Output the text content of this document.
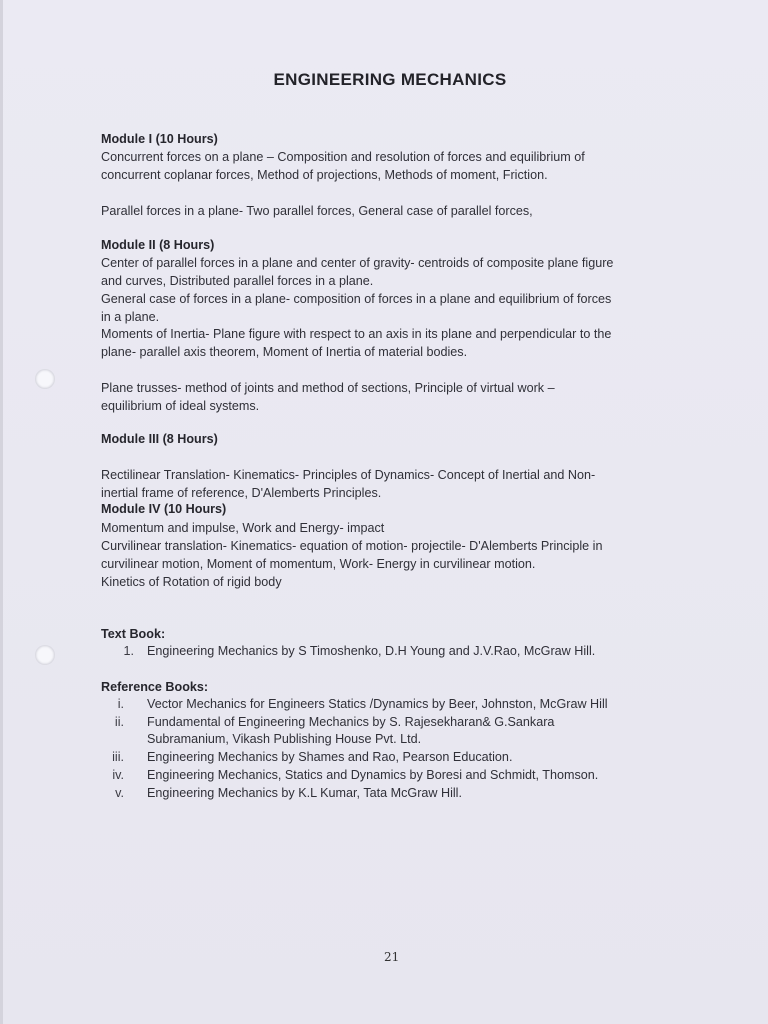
ENGINEERING MECHANICS
Module I (10 Hours)
Concurrent forces on a plane – Composition and resolution of forces and equilibrium of
concurrent coplanar forces, Method of projections, Methods of moment, Friction.
Parallel forces in a plane- Two parallel forces, General case of parallel forces,
Module II (8 Hours)
Center of parallel forces in a plane and center of gravity- centroids of composite plane figure
and curves, Distributed parallel forces in a plane.
General case of forces in a plane- composition of forces in a plane and equilibrium of forces
in a plane.
Moments of Inertia- Plane figure with respect to an axis in its plane and perpendicular to the
plane- parallel axis theorem, Moment of Inertia of material bodies.
Plane trusses- method of joints and method of sections, Principle of virtual work –
equilibrium of ideal systems.
Module III (8 Hours)
Rectilinear Translation- Kinematics- Principles of Dynamics- Concept of Inertial and Non-
inertial frame of reference, D'Alemberts Principles.
Module IV (10 Hours)
Momentum and impulse, Work and Energy- impact
Curvilinear translation- Kinematics- equation of motion- projectile- D'Alemberts Principle in
curvilinear motion, Moment of momentum, Work- Energy in curvilinear motion.
Kinetics of Rotation of rigid body
Text Book:
1. Engineering Mechanics by S Timoshenko, D.H Young and J.V.Rao, McGraw Hill.
Reference Books:
i. Vector Mechanics for Engineers Statics /Dynamics by Beer, Johnston, McGraw Hill
ii. Fundamental of Engineering Mechanics by S. Rajesekharan& G.Sankara
Subramanium, Vikash Publishing House Pvt. Ltd.
iii. Engineering Mechanics by Shames and Rao, Pearson Education.
iv. Engineering Mechanics, Statics and Dynamics by Boresi and Schmidt, Thomson.
v. Engineering Mechanics by K.L Kumar, Tata McGraw Hill.
21
